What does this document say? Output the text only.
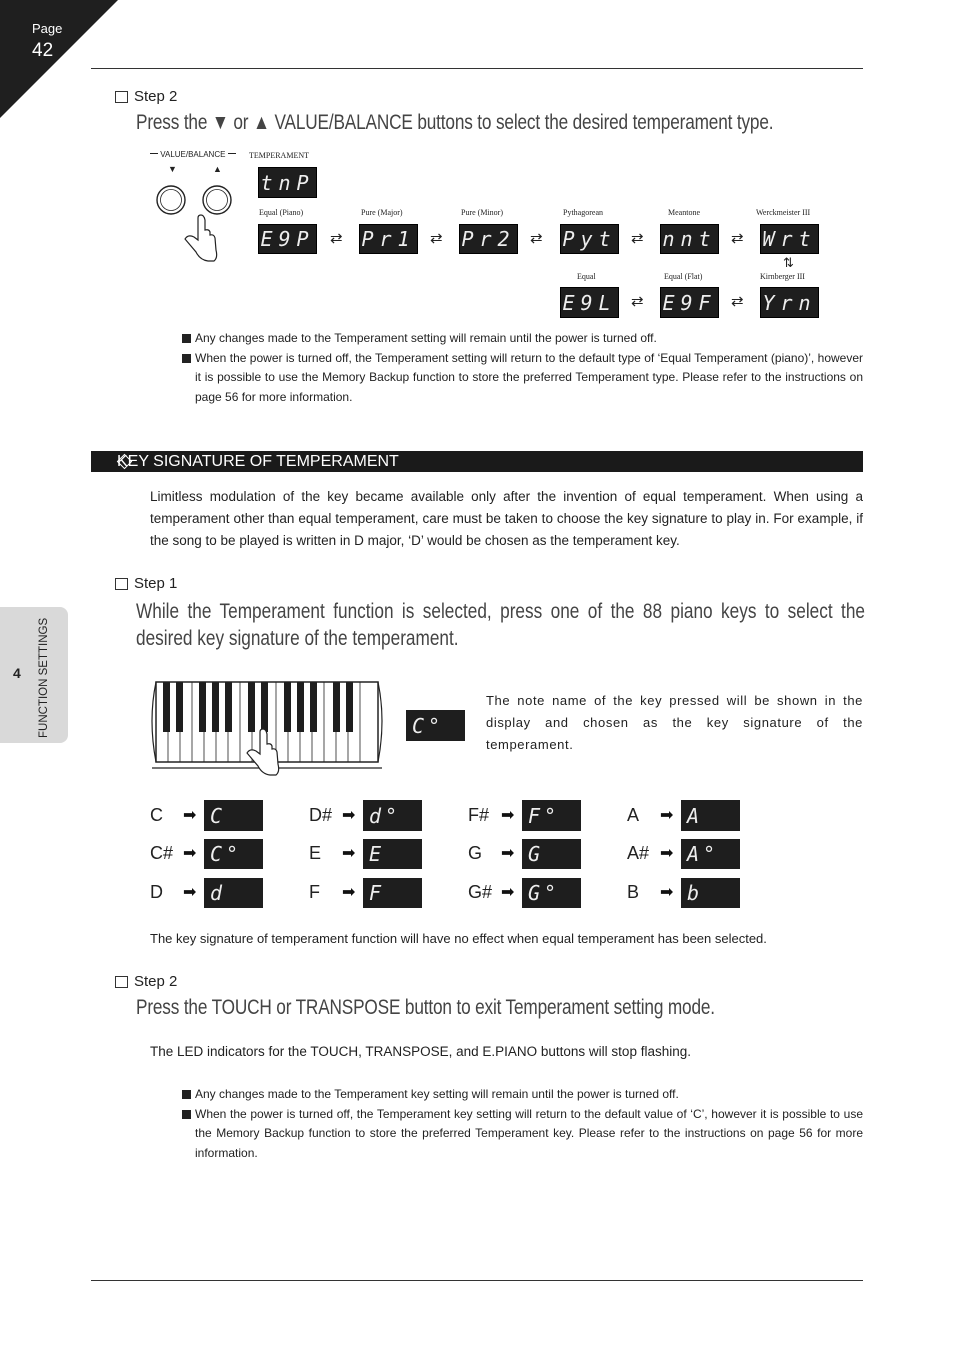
Page
42
4 FUNCTION SETTINGS
Step 2
Press the ▼ or ▲ VALUE/BALANCE buttons to select the desired temperament type.
VALUE/BALANCE
▼	▲
TEMPERAMENT
tnP
Equal (Piano)
E9P ⇄
Pure (Major)
Pr1 ⇄
Pure (Minor)
Pr2 ⇄
Pythagorean
Pyt ⇄
Meantone
nnt ⇄
Werckmeister III
Wrt
⇅
Equal
E9L ⇄
Equal (Flat)
E9F ⇄
Kirnberger III
Yrn
Any changes made to the Temperament setting will remain until the power is turned off.
When the power is turned off, the Temperament setting will return to the default type of ‘Equal Temperament (piano)’, however it is possible to use the Memory Backup function to store the preferred Temperament type. Please refer to the instructions on page 56 for more information.
KEY SIGNATURE OF TEMPERAMENT
Limitless modulation of the key became available only after the invention of equal temperament. When using a temperament other than equal temperament, care must be taken to choose the key signature to play in. For example, if the song to be played is written in D major, ‘D’ would be chosen as the temperament key.
Step 1
While the Temperament function is selected, press one of the 88 piano keys to select the desired key signature of the temperament.
C°
The note name of the key pressed will be shown in the display and chosen as the key signature of the temperament.
C ➡ C
C# ➡ C°
D ➡ d
D# ➡ d°
E ➡ E
F ➡ F
F# ➡ F°
G ➡ G
G# ➡ G°
A ➡ A
A# ➡ A°
B ➡ b
The key signature of temperament function will have no effect when equal temperament has been selected.
Step 2
Press the TOUCH or TRANSPOSE button to exit Temperament setting mode.
The LED indicators for the TOUCH, TRANSPOSE, and E.PIANO buttons will stop flashing.
Any changes made to the Temperament key setting will remain until the power is turned off.
When the power is turned off, the Temperament key setting will return to the default value of ‘C’, however it is possible to use the Memory Backup function to store the preferred Temperament key. Please refer to the instructions on page 56 for more information.
